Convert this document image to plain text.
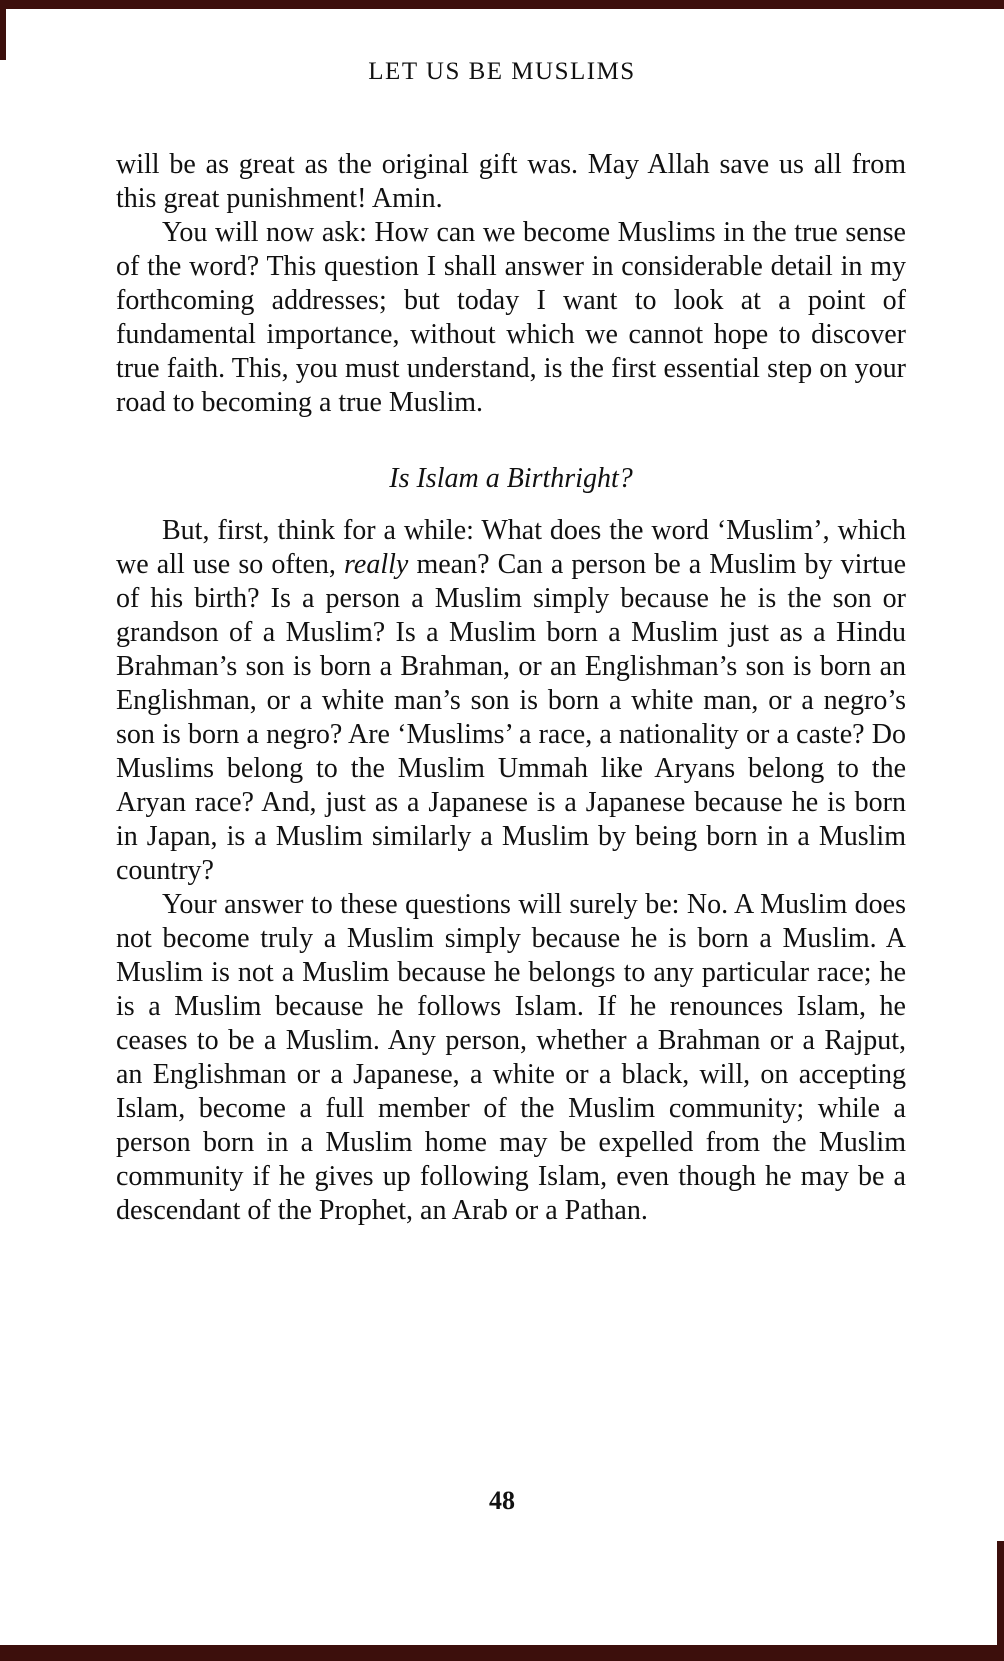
LET US BE MUSLIMS

will be as great as the original gift was. May Allah save us all from this great punishment! Amin.

You will now ask: How can we become Muslims in the true sense of the word? This question I shall answer in considerable detail in my forthcoming addresses; but today I want to look at a point of fundamental importance, without which we cannot hope to discover true faith. This, you must understand, is the first essential step on your road to becoming a true Muslim.

Is Islam a Birthright?

But, first, think for a while: What does the word ‘Muslim’, which we all use so often, really mean? Can a person be a Muslim by virtue of his birth? Is a person a Muslim simply because he is the son or grandson of a Muslim? Is a Muslim born a Muslim just as a Hindu Brahman’s son is born a Brahman, or an Englishman’s son is born an Englishman, or a white man’s son is born a white man, or a negro’s son is born a negro? Are ‘Muslims’ a race, a nationality or a caste? Do Muslims belong to the Muslim Ummah like Aryans belong to the Aryan race? And, just as a Japanese is a Japanese because he is born in Japan, is a Muslim similarly a Muslim by being born in a Muslim country?

Your answer to these questions will surely be: No. A Muslim does not become truly a Muslim simply because he is born a Muslim. A Muslim is not a Muslim because he belongs to any particular race; he is a Muslim because he follows Islam. If he renounces Islam, he ceases to be a Muslim. Any person, whether a Brahman or a Rajput, an Englishman or a Japanese, a white or a black, will, on accepting Islam, become a full member of the Muslim community; while a person born in a Muslim home may be expelled from the Muslim community if he gives up following Islam, even though he may be a descendant of the Prophet, an Arab or a Pathan.

48
